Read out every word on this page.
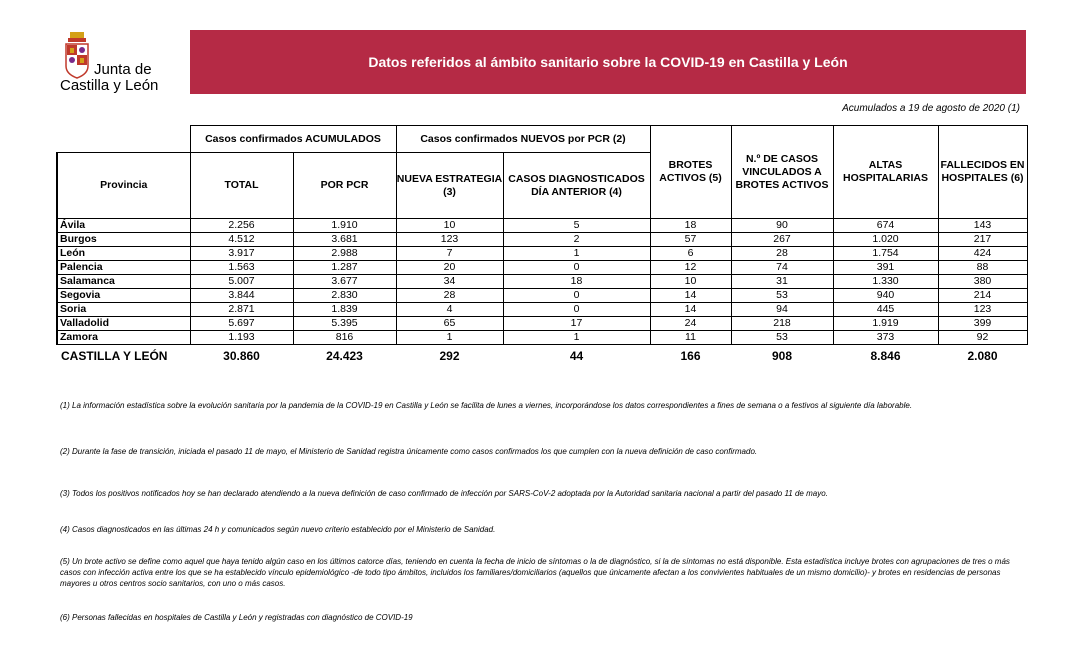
Junta de
Castilla y León
Datos referidos al ámbito sanitario sobre la COVID-19 en Castilla y León
Acumulados a 19 de agosto de 2020 (1)
	Casos confirmados ACUMULADOS		Casos confirmados NUEVOS por PCR (2)		BROTES ACTIVOS (5)	N.º DE CASOS VINCULADOS A BROTES ACTIVOS	ALTAS HOSPITALARIAS	FALLECIDOS EN HOSPITALES (6)
Provincia	TOTAL	POR PCR	NUEVA ESTRATEGIA (3)	CASOS DIAGNOSTICADOS DÍA ANTERIOR (4)				
Ávila	2.256	1.910	10	5	18	90	674	143
Burgos	4.512	3.681	123	2	57	267	1.020	217
León	3.917	2.988	7	1	6	28	1.754	424
Palencia	1.563	1.287	20	0	12	74	391	88
Salamanca	5.007	3.677	34	18	10	31	1.330	380
Segovia	3.844	2.830	28	0	14	53	940	214
Soria	2.871	1.839	4	0	14	94	445	123
Valladolid	5.697	5.395	65	17	24	218	1.919	399
Zamora	1.193	816	1	1	11	53	373	92
CASTILLA Y LEÓN	30.860	24.423	292	44	166	908	8.846	2.080

(1) La información estadística sobre la evolución sanitaria por la pandemia de la COVID-19 en Castilla y León se facilita de lunes a viernes, incorporándose los datos correspondientes a fines de semana o a festivos al siguiente día laborable.

(2) Durante la fase de transición, iniciada el pasado 11 de mayo, el Ministerio de Sanidad registra únicamente como casos confirmados los que cumplen con la nueva definición de caso confirmado.

(3) Todos los positivos notificados hoy se han declarado atendiendo a la nueva definición de caso confirmado de infección por SARS-CoV-2 adoptada por la Autoridad sanitaria nacional a partir del pasado 11 de mayo.

(4) Casos diagnosticados en las últimas 24 h y comunicados según nuevo criterio establecido por el Ministerio de Sanidad.

(5) Un brote activo se define como aquel que haya tenido algún caso en los últimos catorce días, teniendo en cuenta la fecha de inicio de síntomas o la de diagnóstico, si la de síntomas no está disponible. Esta estadística incluye brotes con agrupaciones de tres o más casos con infección activa entre los que se ha establecido vínculo epidemiológico -de todo tipo ámbitos, incluidos los familiares/domiciliarios (aquellos que únicamente afectan a los convivientes habituales de un mismo domicilio)- y brotes en residencias de personas mayores u otros centros socio sanitarios, con uno o más casos.

(6) Personas fallecidas en hospitales de Castilla y León y registradas con diagnóstico de COVID-19
